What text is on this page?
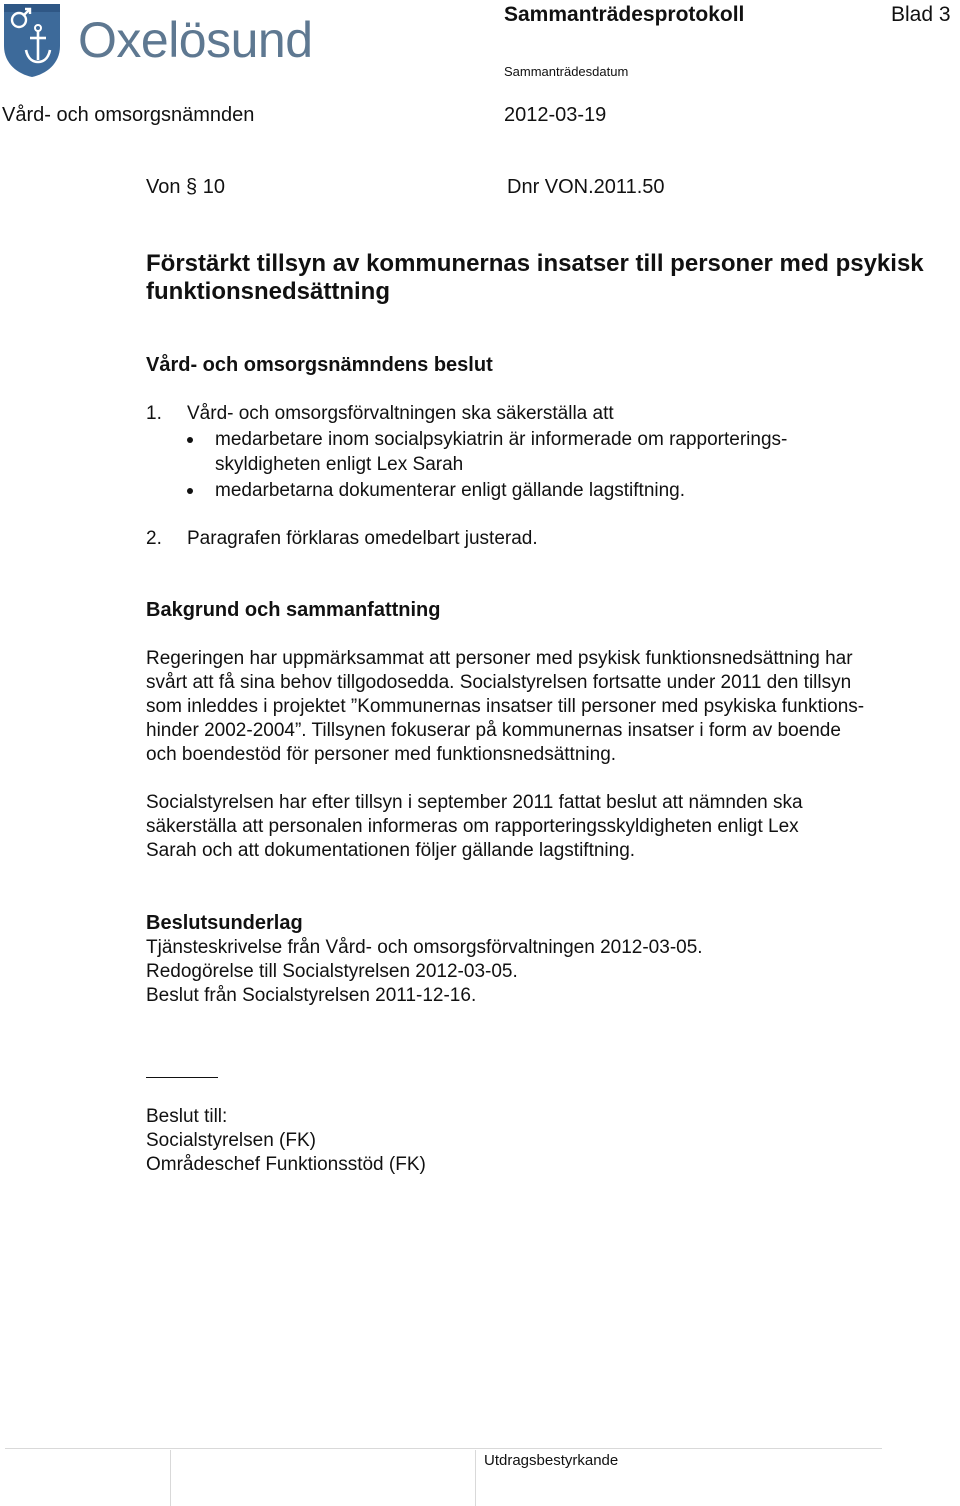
Oxelösund	Sammanträdesprotokoll	Blad 3
Sammanträdesdatum
Vård- och omsorgsnämnden	2012-03-19
Von § 10	Dnr VON.2011.50
Förstärkt tillsyn av kommunernas insatser till personer med psykisk funktionsnedsättning
Vård- och omsorgsnämndens beslut
1. Vård- och omsorgsförvaltningen ska säkerställa att
medarbetare inom socialpsykiatrin är informerade om rapporterings-
skyldigheten enligt Lex Sarah
medarbetarna dokumenterar enligt gällande lagstiftning.
2. Paragrafen förklaras omedelbart justerad.
Bakgrund och sammanfattning
Regeringen har uppmärksammat att personer med psykisk funktionsnedsättning har
svårt att få sina behov tillgodosedda. Socialstyrelsen fortsatte under 2011 den tillsyn
som inleddes i projektet ”Kommunernas insatser till personer med psykiska funktions-
hinder 2002-2004”. Tillsynen fokuserar på kommunernas insatser i form av boende
och boendestöd för personer med funktionsnedsättning.
Socialstyrelsen har efter tillsyn i september 2011 fattat beslut att nämnden ska
säkerställa att personalen informeras om rapporteringsskyldigheten enligt Lex
Sarah och att dokumentationen följer gällande lagstiftning.
Beslutsunderlag
Tjänsteskrivelse från Vård- och omsorgsförvaltningen 2012-03-05.
Redogörelse till Socialstyrelsen 2012-03-05.
Beslut från Socialstyrelsen 2011-12-16.
Beslut till:
Socialstyrelsen (FK)
Områdeschef Funktionsstöd (FK)
Utdragsbestyrkande
